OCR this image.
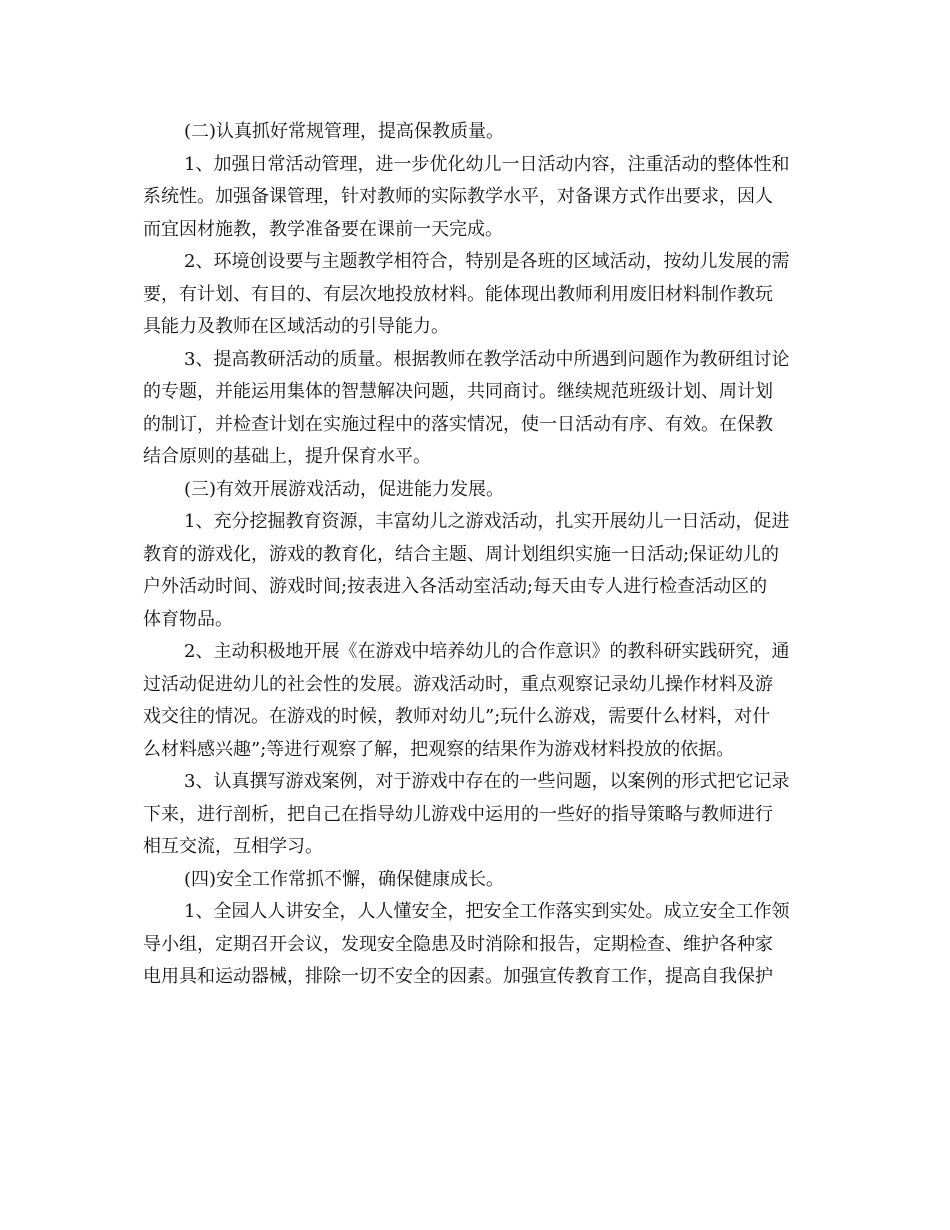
(二)认真抓好常规管理，提高保教质量。
1、加强日常活动管理，进一步优化幼儿一日活动内容，注重活动的整体性和
系统性。加强备课管理，针对教师的实际教学水平，对备课方式作出要求，因人
而宜因材施教，教学准备要在课前一天完成。
2、环境创设要与主题教学相符合，特别是各班的区域活动，按幼儿发展的需
要，有计划、有目的、有层次地投放材料。能体现出教师利用废旧材料制作教玩
具能力及教师在区域活动的引导能力。
3、提高教研活动的质量。根据教师在教学活动中所遇到问题作为教研组讨论
的专题，并能运用集体的智慧解决问题，共同商讨。继续规范班级计划、周计划
的制订，并检查计划在实施过程中的落实情况，使一日活动有序、有效。在保教
结合原则的基础上，提升保育水平。
(三)有效开展游戏活动，促进能力发展。
1、充分挖掘教育资源，丰富幼儿之游戏活动，扎实开展幼儿一日活动，促进
教育的游戏化，游戏的教育化，结合主题、周计划组织实施一日活动;保证幼儿的
户外活动时间、游戏时间;按表进入各活动室活动;每天由专人进行检查活动区的
体育物品。
2、主动积极地开展《在游戏中培养幼儿的合作意识》的教科研实践研究，通
过活动促进幼儿的社会性的发展。游戏活动时，重点观察记录幼儿操作材料及游
戏交往的情况。在游戏的时候，教师对幼儿”;玩什么游戏，需要什么材料，对什
么材料感兴趣”;等进行观察了解，把观察的结果作为游戏材料投放的依据。
3、认真撰写游戏案例，对于游戏中存在的一些问题，以案例的形式把它记录
下来，进行剖析，把自己在指导幼儿游戏中运用的一些好的指导策略与教师进行
相互交流，互相学习。
(四)安全工作常抓不懈，确保健康成长。
1、全园人人讲安全，人人懂安全，把安全工作落实到实处。成立安全工作领
导小组，定期召开会议，发现安全隐患及时消除和报告，定期检查、维护各种家
电用具和运动器械，排除一切不安全的因素。加强宣传教育工作，提高自我保护
